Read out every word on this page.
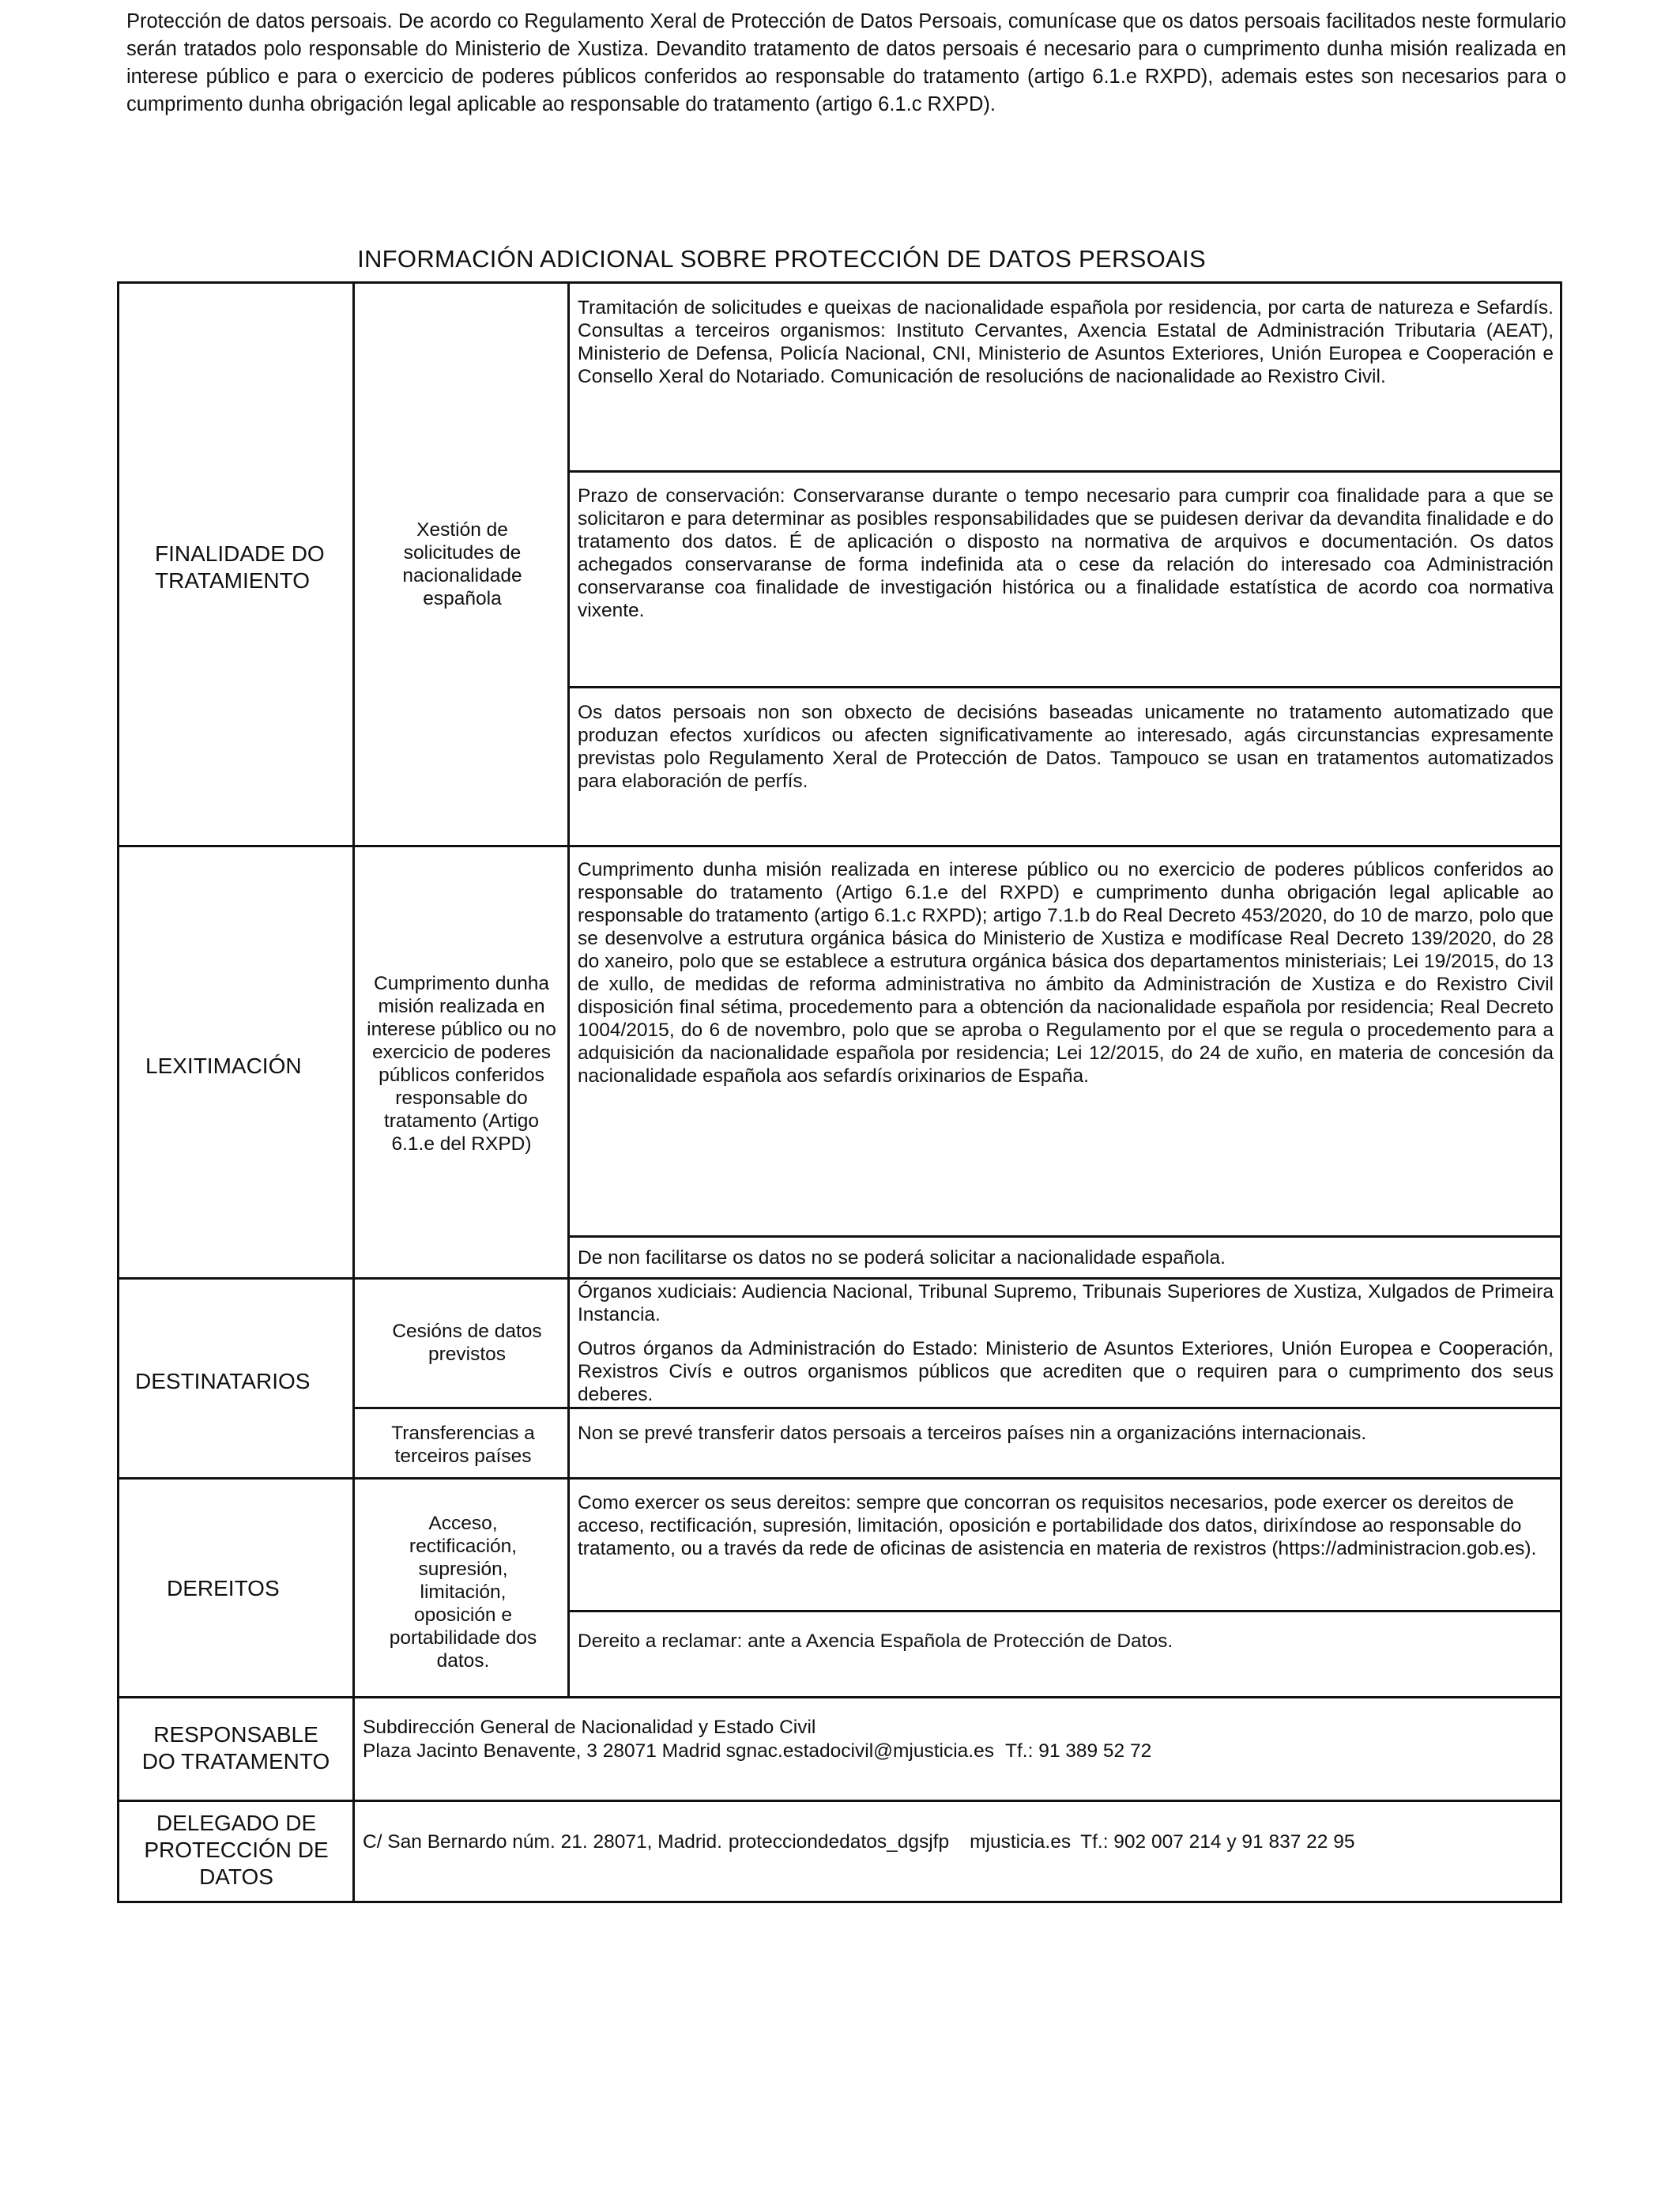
Protección de datos persoais. De acordo co Regulamento Xeral de Protección de Datos Persoais, comunícase que os datos persoais facilitados neste formulario serán tratados polo responsable do Ministerio de Xustiza. Devandito tratamento de datos persoais é necesario para o cumprimento dunha misión realizada en interese público e para o exercicio de poderes públicos conferidos ao responsable do tratamento (artigo 6.1.e RXPD), ademais estes son necesarios para o cumprimento dunha obrigación legal aplicable ao responsable do tratamento (artigo 6.1.c RXPD).

INFORMACIÓN ADICIONAL SOBRE PROTECCIÓN DE DATOS PERSOAIS
FINALIDADE DO TRATAMIENTO
Xestión de solicitudes de nacionalidade española
Tramitación de solicitudes e queixas de nacionalidade española por residencia, por carta de natureza e Sefardís. Consultas a terceiros organismos: Instituto Cervantes, Axencia Estatal de Administración Tributaria (AEAT), Ministerio de Defensa, Policía Nacional, CNI, Ministerio de Asuntos Exteriores, Unión Europea e Cooperación e Consello Xeral do Notariado. Comunicación de resolucións de nacionalidade ao Rexistro Civil.
Prazo de conservación: Conservaranse durante o tempo necesario para cumprir coa finalidade para a que se solicitaron e para determinar as posibles responsabilidades que se puidesen derivar da devandita finalidade e do tratamento dos datos. É de aplicación o disposto na normativa de arquivos e documentación. Os datos achegados conservaranse de forma indefinida ata o cese da relación do interesado coa Administración conservaranse coa finalidade de investigación histórica ou a finalidade estatística de acordo coa normativa vixente.
Os datos persoais non son obxecto de decisións baseadas unicamente no tratamento automatizado que produzan efectos xurídicos ou afecten significativamente ao interesado, agás circunstancias expresamente previstas polo Regulamento Xeral de Protección de Datos. Tampouco se usan en tratamentos automatizados para elaboración de perfís.
LEXITIMACIÓN
Cumprimento dunha misión realizada en interese público ou no exercicio de poderes públicos conferidos responsable do tratamento (Artigo 6.1.e del RXPD)
Cumprimento dunha misión realizada en interese público ou no exercicio de poderes públicos conferidos ao responsable do tratamento (Artigo 6.1.e del RXPD) e cumprimento dunha obrigación legal aplicable ao responsable do tratamento (artigo 6.1.c RXPD); artigo 7.1.b do Real Decreto 453/2020, do 10 de marzo, polo que se desenvolve a estrutura orgánica básica do Ministerio de Xustiza e modifícase Real Decreto 139/2020, do 28 do xaneiro, polo que se establece a estrutura orgánica básica dos departamentos ministeriais; Lei 19/2015, do 13 de xullo, de medidas de reforma administrativa no ámbito da Administración de Xustiza e do Rexistro Civil disposición final sétima, procedemento para a obtención da nacionalidade española por residencia; Real Decreto 1004/2015, do 6 de novembro, polo que se aproba o Regulamento por el que se regula o procedemento para a adquisición da nacionalidade española por residencia; Lei 12/2015, do 24 de xuño, en materia de concesión da nacionalidade española aos sefardís orixinarios de España.
De non facilitarse os datos no se poderá solicitar a nacionalidade española.
DESTINATARIOS
Cesións de datos previstos
Órganos xudiciais: Audiencia Nacional, Tribunal Supremo, Tribunais Superiores de Xustiza, Xulgados de Primeira Instancia.
Outros órganos da Administración do Estado: Ministerio de Asuntos Exteriores, Unión Europea e Cooperación, Rexistros Civís e outros organismos públicos que acrediten que o requiren para o cumprimento dos seus deberes.
Transferencias a terceiros países
Non se prevé transferir datos persoais a terceiros países nin a organizacións internacionais.
DEREITOS
Acceso, rectificación, supresión, limitación, oposición e portabilidade dos datos.
Como exercer os seus dereitos: sempre que concorran os requisitos necesarios, pode exercer os dereitos de acceso, rectificación, supresión, limitación, oposición e portabilidade dos datos, dirixíndose ao responsable do tratamento, ou a través da rede de oficinas de asistencia en materia de rexistros (https://administracion.gob.es).
Dereito a reclamar: ante a Axencia Española de Protección de Datos.
RESPONSABLE DO TRATAMENTO
Subdirección General de Nacionalidad y Estado Civil
Plaza Jacinto Benavente, 3 28071 Madrid sgnac.estadocivil@mjusticia.es Tf.: 91 389 52 72
DELEGADO DE PROTECCIÓN DE DATOS
C/ San Bernardo núm. 21. 28071, Madrid. protecciondedatos_dgsjfp mjusticia.es Tf.: 902 007 214 y 91 837 22 95
